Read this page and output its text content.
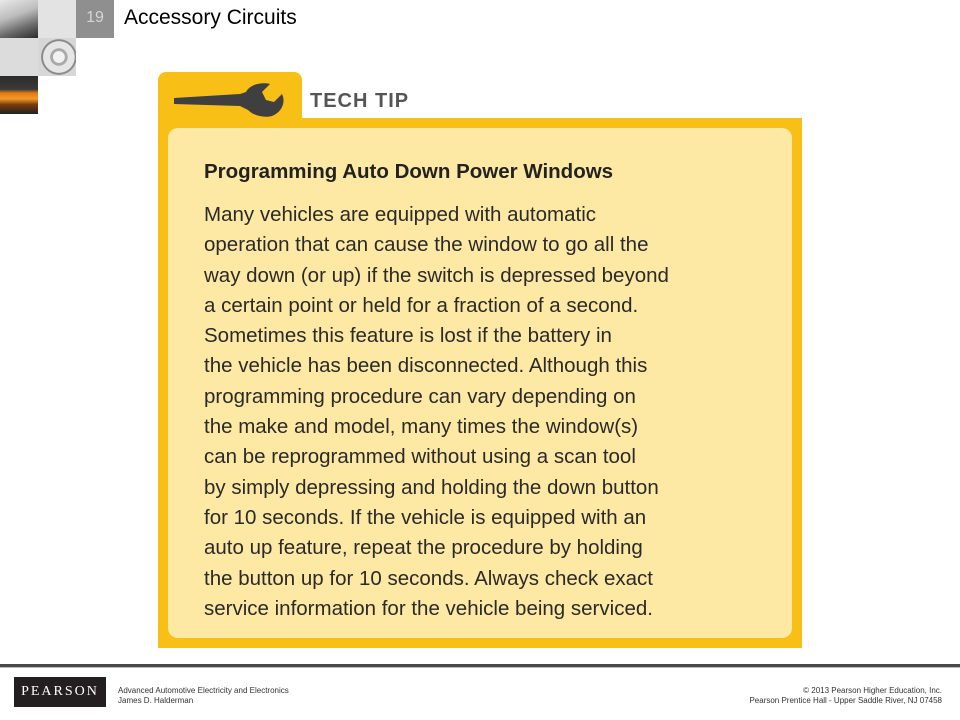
19 Accessory Circuits
Programming Auto Down Power Windows
Many vehicles are equipped with automatic
operation that can cause the window to go all the
way down (or up) if the switch is depressed beyond
a certain point or held for a fraction of a second.
Sometimes this feature is lost if the battery in
the vehicle has been disconnected. Although this
programming procedure can vary depending on
the make and model, many times the window(s)
can be reprogrammed without using a scan tool
by simply depressing and holding the down button
for 10 seconds. If the vehicle is equipped with an
auto up feature, repeat the procedure by holding
the button up for 10 seconds. Always check exact
service information for the vehicle being serviced.
TECH TIP
PEARSON	Advanced Automotive Electricity and Electronics
James D. Halderman
© 2013 Pearson Higher Education, Inc.
Pearson Prentice Hall - Upper Saddle River, NJ 07458
